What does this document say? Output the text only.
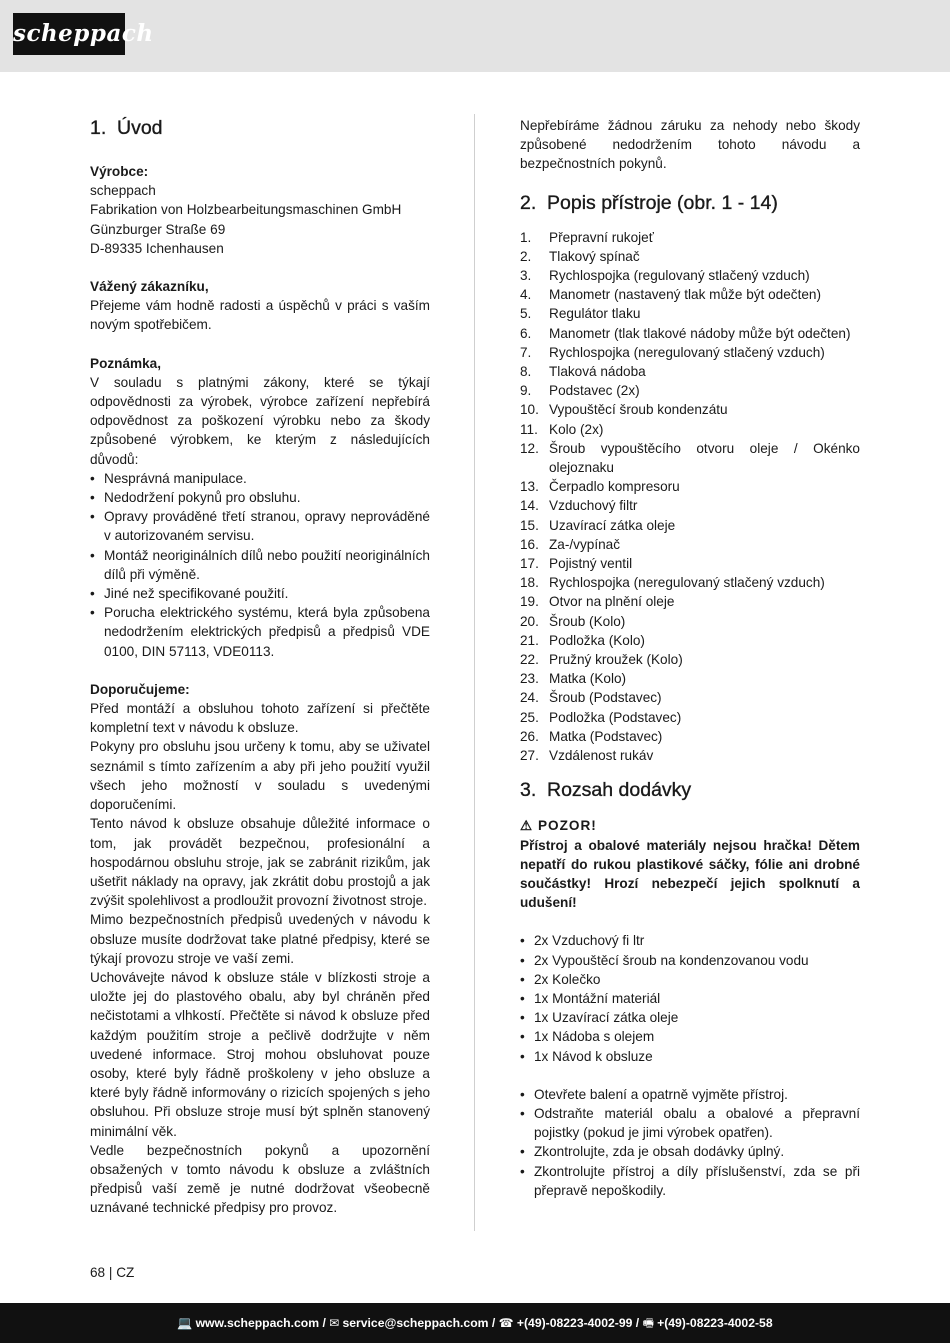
scheppach
1. Úvod

Výrobce:

scheppach

Fabrikation von Holzbearbeitungsmaschinen GmbH

Günzburger Straße 69

D-89335 Ichenhausen

Vážený zákazníku,

Přejeme vám hodně radosti a úspěchů v práci s vaším novým spotřebičem.

Poznámka,

V souladu s platnými zákony, které se týkají odpovědnosti za výrobek, výrobce zařízení nepřebírá odpovědnost za poškození výrobku nebo za škody způsobené výrobkem, ke kterým z následujících důvodů:

• Nesprávná manipulace.
• Nedodržení pokynů pro obsluhu.
• Opravy prováděné třetí stranou, opravy neprováděné v autorizovaném servisu.
• Montáž neoriginálních dílů nebo použití neoriginálních dílů při výměně.
• Jiné než specifikované použití.
• Porucha elektrického systému, která byla způsobena nedodržením elektrických předpisů a předpisů VDE 0100, DIN 57113, VDE0113.

Doporučujeme:

Před montáží a obsluhou tohoto zařízení si přečtěte kompletní text v návodu k obsluze.

Pokyny pro obsluhu jsou určeny k tomu, aby se uživatel seznámil s tímto zařízením a aby při jeho použití využil všech jeho možností v souladu s uvedenými doporučeními.

Tento návod k obsluze obsahuje důležité informace o tom, jak provádět bezpečnou, profesionální a hospodárnou obsluhu stroje, jak se zabránit rizikům, jak ušetřit náklady na opravy, jak zkrátit dobu prostojů a jak zvýšit spolehlivost a prodloužit provozní životnost stroje.

Mimo bezpečnostních předpisů uvedených v návodu k obsluze musíte dodržovat take platné předpisy, které se týkají provozu stroje ve vaší zemi.

Uchovávejte návod k obsluze stále v blízkosti stroje a uložte jej do plastového obalu, aby byl chráněn před nečistotami a vlhkostí. Přečtěte si návod k obsluze před každým použitím stroje a pečlivě dodržujte v něm uvedené informace. Stroj mohou obsluhovat pouze osoby, které byly řádně proškoleny v jeho obsluze a které byly řádně informovány o rizicích spojených s jeho obsluhou. Při obsluze stroje musí být splněn stanovený minimální věk.

Vedle bezpečnostních pokynů a upozornění obsažených v tomto návodu k obsluze a zvláštních předpisů vaší země je nutné dodržovat všeobecně uznávané technické předpisy pro provoz.

Nepřebíráme žádnou záruku za nehody nebo škody způsobené nedodržením tohoto návodu a bezpečnostních pokynů.

2. Popis přístroje (obr. 1 - 14)
1. Přepravní rukojeť
2. Tlakový spínač
3. Rychlospojka (regulovaný stlačený vzduch)
4. Manometr (nastavený tlak může být odečten)
5. Regulátor tlaku
6. Manometr (tlak tlakové nádoby může být odečten)
7. Rychlospojka (neregulovaný stlačený vzduch)
8. Tlaková nádoba
9. Podstavec (2x)
10. Vypouštěcí šroub kondenzátu
11. Kolo (2x)
12. Šroub vypouštěcího otvoru oleje / Okénko olejoznaku
13. Čerpadlo kompresoru
14. Vzduchový filtr
15. Uzavírací zátka oleje
16. Za-/vypínač
17. Pojistný ventil
18. Rychlospojka (neregulovaný stlačený vzduch)
19. Otvor na plnění oleje
20. Šroub (Kolo)
21. Podložka (Kolo)
22. Pružný kroužek (Kolo)
23. Matka (Kolo)
24. Šroub (Podstavec)
25. Podložka (Podstavec)
26. Matka (Podstavec)
27. Vzdálenost rukáv
3. Rozsah dodávky

⚠ POZOR!

Přístroj a obalové materiály nejsou hračka! Dětem nepatří do rukou plastikové sáčky, fólie ani drobné součástky! Hrozí nebezpečí jejich spolknutí a udušení!

• 2x Vzduchový fi ltr
• 2x Vypouštěcí šroub na kondenzovanou vodu
• 2x Kolečko
• 1x Montážní materiál
• 1x Uzavírací zátka oleje
• 1x Nádoba s olejem
• 1x Návod k obsluze
• Otevřete balení a opatrně vyjměte přístroj.
• Odstraňte materiál obalu a obalové a přepravní pojistky (pokud je jimi výrobek opatřen).
• Zkontrolujte, zda je obsah dodávky úplný.
• Zkontrolujte přístroj a díly příslušenství, zda se při přepravě nepoškodily.
68 | CZ
💻 www.scheppach.com / ✉ service@scheppach.com / ☎ +(49)-08223-4002-99 / 🖷 +(49)-08223-4002-58
